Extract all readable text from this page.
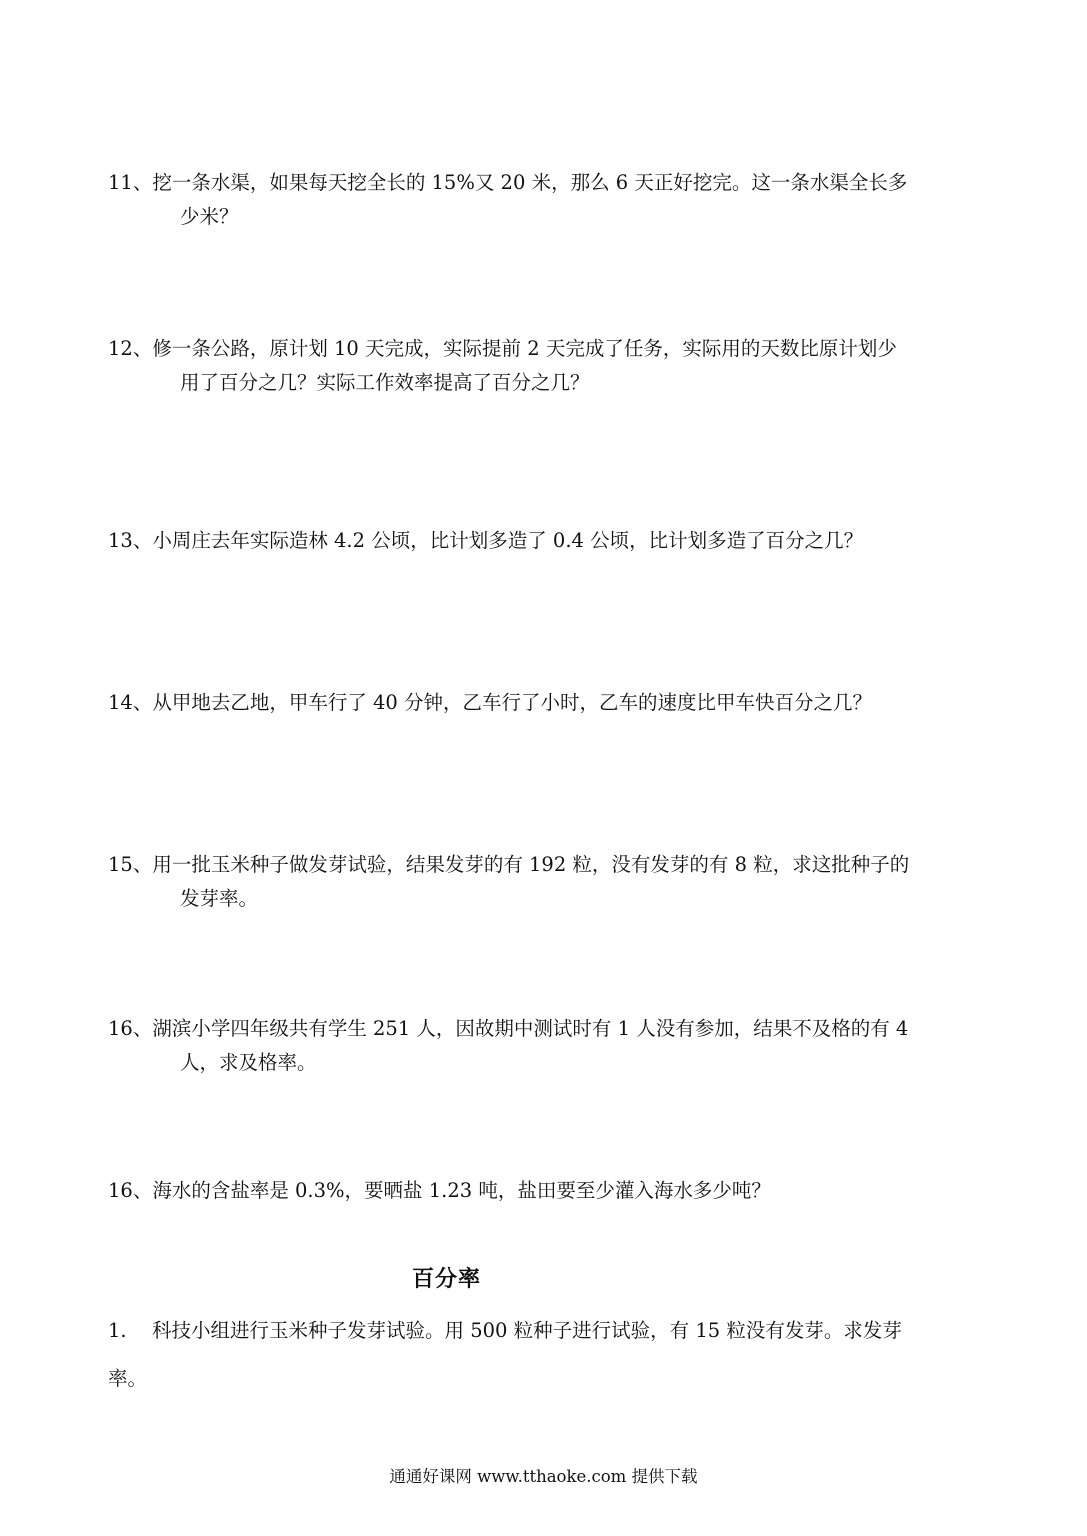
11、挖一条水渠，如果每天挖全长的 15%又 20 米，那么 6 天正好挖完。这一条水渠全长多
少米？
12、修一条公路，原计划 10 天完成，实际提前 2 天完成了任务，实际用的天数比原计划少
用了百分之几？实际工作效率提高了百分之几？
13、小周庄去年实际造林 4.2 公顷，比计划多造了 0.4 公顷，比计划多造了百分之几？
14、从甲地去乙地，甲车行了 40 分钟，乙车行了小时，乙车的速度比甲车快百分之几？
15、用一批玉米种子做发芽试验，结果发芽的有 192 粒，没有发芽的有 8 粒，求这批种子的
发芽率。
16、湖滨小学四年级共有学生 251 人，因故期中测试时有 1 人没有参加，结果不及格的有 4
人，求及格率。
16、海水的含盐率是 0.3%，要晒盐 1.23 吨，盐田要至少灌入海水多少吨？
百分率
1. 科技小组进行玉米种子发芽试验。用 500 粒种子进行试验，有 15 粒没有发芽。求发芽
率。
通通好课网 www.tthaoke.com 提供下载
